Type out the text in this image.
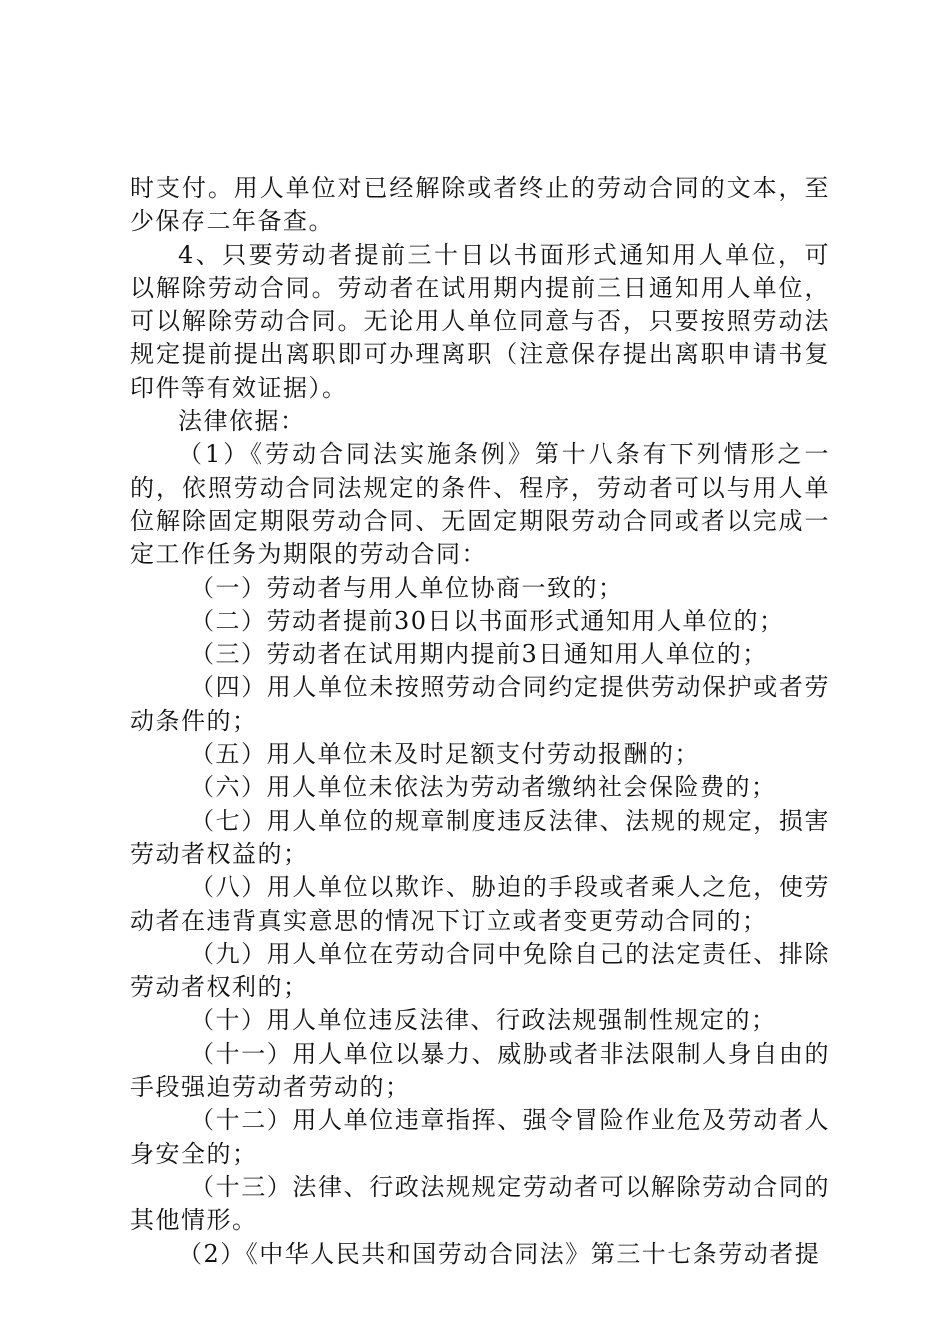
时支付。用人单位对已经解除或者终止的劳动合同的文本，至少保存二年备查。

4、只要劳动者提前三十日以书面形式通知用人单位，可以解除劳动合同。劳动者在试用期内提前三日通知用人单位，可以解除劳动合同。无论用人单位同意与否，只要按照劳动法规定提前提出离职即可办理离职（注意保存提出离职申请书复印件等有效证据）。

法律依据：

（1）《劳动合同法实施条例》第十八条有下列情形之一的，依照劳动合同法规定的条件、程序，劳动者可以与用人单位解除固定期限劳动合同、无固定期限劳动合同或者以完成一定工作任务为期限的劳动合同：

（一）劳动者与用人单位协商一致的；

（二）劳动者提前30日以书面形式通知用人单位的；

（三）劳动者在试用期内提前3日通知用人单位的；

（四）用人单位未按照劳动合同约定提供劳动保护或者劳动条件的；

（五）用人单位未及时足额支付劳动报酬的；

（六）用人单位未依法为劳动者缴纳社会保险费的；

（七）用人单位的规章制度违反法律、法规的规定，损害劳动者权益的；

（八）用人单位以欺诈、胁迫的手段或者乘人之危，使劳动者在违背真实意思的情况下订立或者变更劳动合同的；

（九）用人单位在劳动合同中免除自己的法定责任、排除劳动者权利的；

（十）用人单位违反法律、行政法规强制性规定的；

（十一）用人单位以暴力、威胁或者非法限制人身自由的手段强迫劳动者劳动的；

（十二）用人单位违章指挥、强令冒险作业危及劳动者人身安全的；

（十三）法律、行政法规规定劳动者可以解除劳动合同的其他情形。

（2）《中华人民共和国劳动合同法》第三十七条劳动者提
